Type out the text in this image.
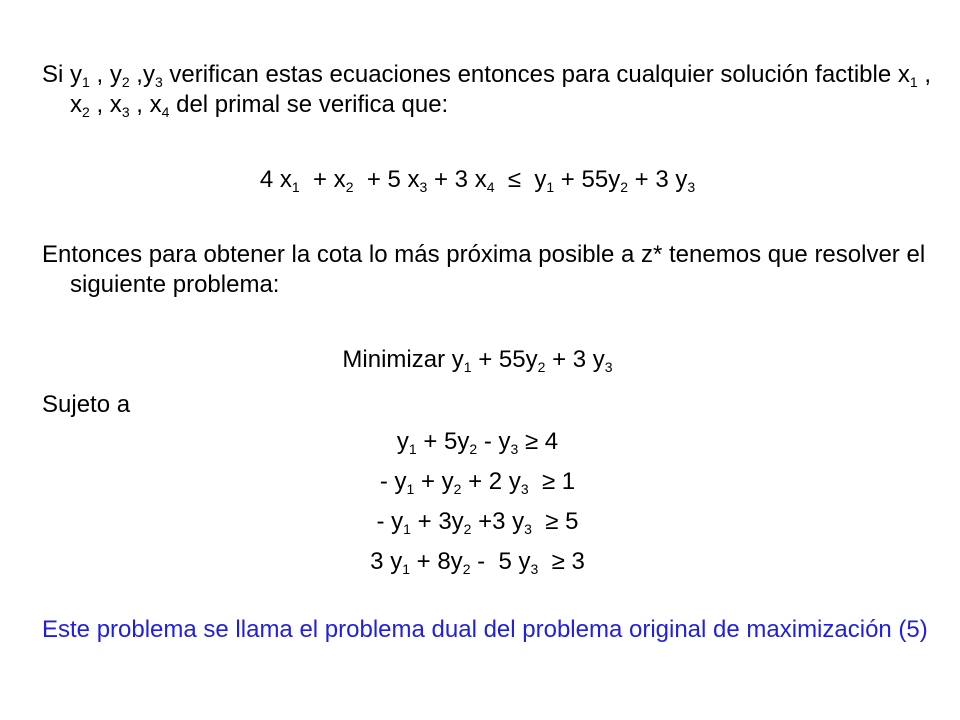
Si $y_1$ , $y_2$ $,y_3$ verifican estas ecuaciones entonces para cualquier solución factible $x_1$ , $x_2$ , $x_3$ , $x_4$ del primal se verifica que:

4 $x_1 + x_2 + 5$ $x_3 + 3$ $x_4 \le y_1 + 55y_2 + 3$ $y_3$

Entonces para obtener la cota lo más próxima posible a z* tenemos que resolver el siguiente problema:

Minimizar $y_1 + 55y_2 + 3$ $y_3$
Sujeto a
$y_1 + 5y_2 - y_3 \ge 4$
- $y_1 + y_2 + 2$ $y_3 \ge 1$
- $y_1 + 3y_2 +3$ $y_3 \ge 5$
3 $y_1 + 8y_2 - 5$ $y_3 \ge 3$

Este problema se llama el problema dual del problema original de maximización (5)
